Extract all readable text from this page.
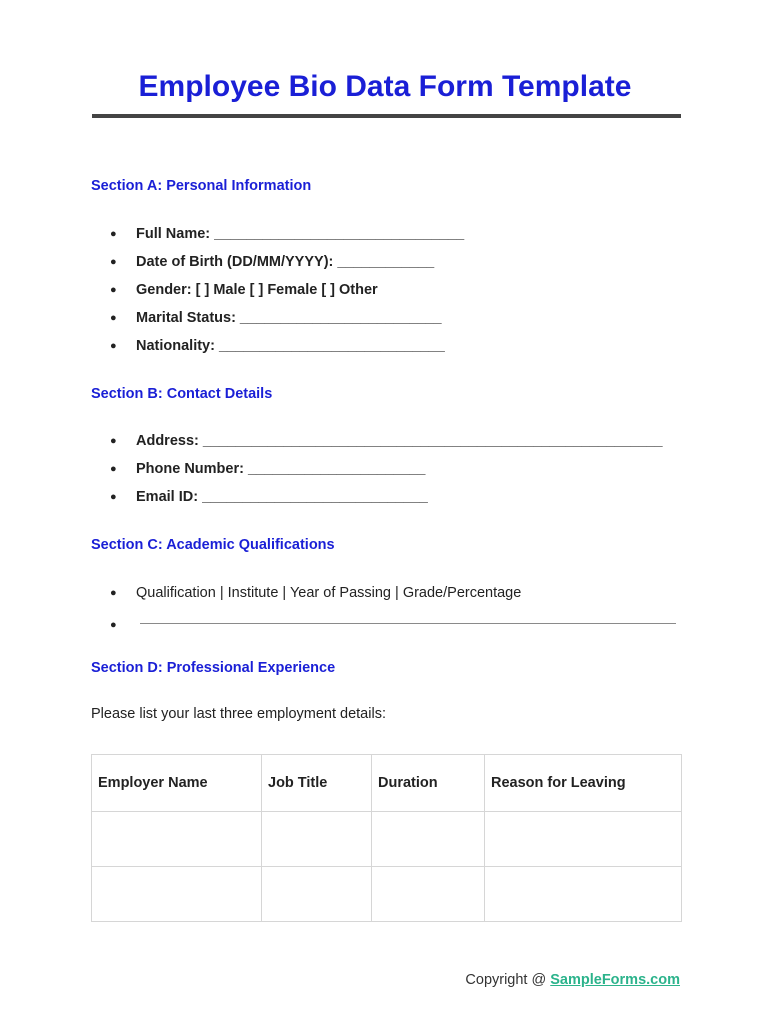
Employee Bio Data Form Template
Section A: Personal Information
● Full Name: _______________________________
● Date of Birth (DD/MM/YYYY): ____________
● Gender: [ ] Male [ ] Female [ ] Other
● Marital Status: _________________________
● Nationality: ____________________________
Section B: Contact Details
● Address: _________________________________________________________
● Phone Number: ______________________
● Email ID: ____________________________
Section C: Academic Qualifications
● Qualification | Institute | Year of Passing | Grade/Percentage
●
Section D: Professional Experience

Please list your last three employment details:

Employer Name	Job Title	Duration	Reason for Leaving

Copyright @ SampleForms.com
